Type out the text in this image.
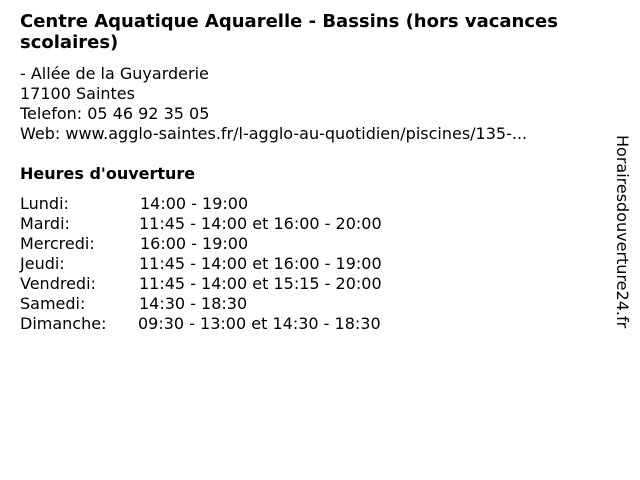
Centre Aquatique Aquarelle - Bassins (hors vacances scolaires)
- Allée de la Guyarderie
17100 Saintes
Telefon: 05 46 92 35 05
Web: www.agglo-saintes.fr/l-agglo-au-quotidien/piscines/135-...
Heures d'ouverture
Lundi:	14:00 - 19:00
Mardi:	11:45 - 14:00 et 16:00 - 20:00
Mercredi:	16:00 - 19:00
Jeudi:	11:45 - 14:00 et 16:00 - 19:00
Vendredi:	11:45 - 14:00 et 15:15 - 20:00
Samedi:	14:30 - 18:30
Dimanche: 09:30 - 13:00 et 14:30 - 18:30	Horairesdouverture24.fr
